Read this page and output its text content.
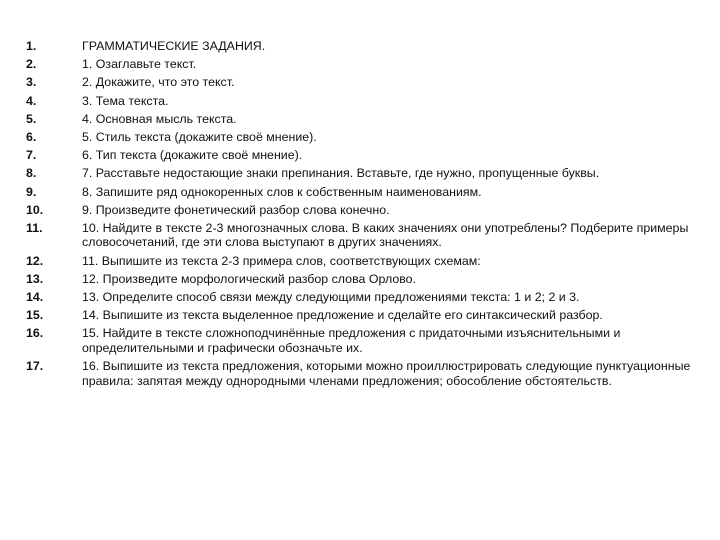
1.	ГРАММАТИЧЕСКИЕ ЗАДАНИЯ.
2.	1. Озаглавьте текст.
3.	2. Докажите, что это текст.
4.	3. Тема текста.
5.	4. Основная мысль текста.
6.	5. Стиль текста (докажите своё мнение).
7.	6. Тип текста (докажите своё мнение).
8.	7. Расставьте недостающие знаки препинания. Вставьте, где нужно, пропущенные буквы.
9.	8. Запишите ряд однокоренных слов к собственным наименованиям.
10.	9. Произведите фонетический разбор слова конечно.
11.	10. Найдите в тексте 2-3 многозначных слова. В каких значениях они употреблены? Подберите примеры словосочетаний, где эти слова выступают в других значениях.
12.	11. Выпишите из текста 2-3 примера слов, соответствующих схемам:
13.	12. Произведите морфологический разбор слова Орлово.
14.	13. Определите способ связи между следующими предложениями текста: 1 и 2; 2 и 3.
15.	14. Выпишите из текста выделенное предложение и сделайте его синтаксический разбор.
16.	15. Найдите в тексте сложноподчинённые предложения с придаточными изъяснительными и определительными и графически обозначьте их.
17.	16. Выпишите из текста предложения, которыми можно проиллюстрировать следующие пунктуационные правила: запятая между однородными членами предложения; обособление обстоятельств.
